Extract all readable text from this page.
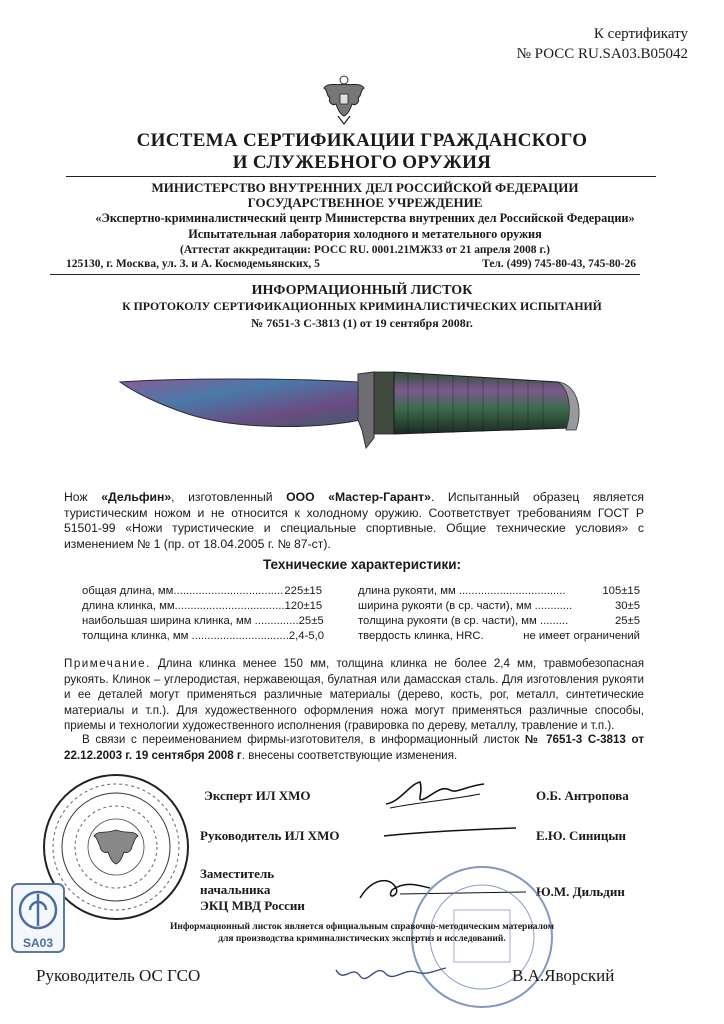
К сертификату
№ РОСС RU.SA03.B05042
СИСТЕМА СЕРТИФИКАЦИИ ГРАЖДАНСКОГО
И СЛУЖЕБНОГО ОРУЖИЯ
МИНИСТЕРСТВО ВНУТРЕННИХ ДЕЛ РОССИЙСКОЙ ФЕДЕРАЦИИ
ГОСУДАРСТВЕННОЕ УЧРЕЖДЕНИЕ
«Экспертно-криминалистический центр Министерства внутренних дел Российской Федерации»
Испытательная лаборатория холодного и метательного оружия
(Аттестат аккредитации: РОСС RU. 0001.21МЖ33 от 21 апреля 2008 г.)
125130, г. Москва, ул. З. и А. Космодемьянских, 5	Тел. (499) 745-80-43, 745-80-26
ИНФОРМАЦИОННЫЙ ЛИСТОК
К ПРОТОКОЛУ СЕРТИФИКАЦИОННЫХ КРИМИНАЛИСТИЧЕСКИХ ИСПЫТАНИЙ
№ 7651-3 С-3813 (1) от 19 сентября 2008г.
Нож «Дельфин», изготовленный ООО «Мастер-Гарант». Испытанный образец является туристическим ножом и не относится к холодному оружию. Соответствует требованиям ГОСТ Р 51501-99 «Ножи туристические и специальные спортивные. Общие технические условия» с изменением № 1 (пр. от 18.04.2005 г. № 87-ст).
Технические характеристики:
общая длина, мм................................... 225±15
длина клинка, мм................................... 120±15
наибольшая ширина клинка, мм .............. 25±5
толщина клинка, мм ............................... 2,4-5,0
длина рукояти, мм ..................................	105±15
ширина рукояти (в ср. части), мм ............	30±5
толщина рукояти (в ср. части), мм .........	25±5
твердость клинка, HRC.	не имеет ограничений
Примечание. Длина клинка менее 150 мм, толщина клинка не более 2,4 мм, травмобезопасная рукоять. Клинок – углеродистая, нержавеющая, булатная или дамасская сталь. Для изготовления рукояти и ее деталей могут применяться различные материалы (дерево, кость, рог, металл, синтетические материалы и т.п.). Для художественного оформления ножа могут применяться различные способы, приемы и технологии художественного исполнения (гравировка по дереву, металлу, травление и т.п.).
В связи с переименованием фирмы-изготовителя, в информационный листок № 7651-3 С-3813 от 22.12.2003 г. 19 сентября 2008 г. внесены соответствующие изменения.
SA03
Эксперт ИЛ ХМО	О.Б. Антропова
Руководитель ИЛ ХМО	Е.Ю. Синицын
Заместитель
начальника
ЭКЦ МВД России
Ю.М. Дильдин
Информационный листок является официальным справочно-методическим материалом
для производства криминалистических экспертиз и исследований.
Руководитель ОС ГСО	В.А.Яворский
